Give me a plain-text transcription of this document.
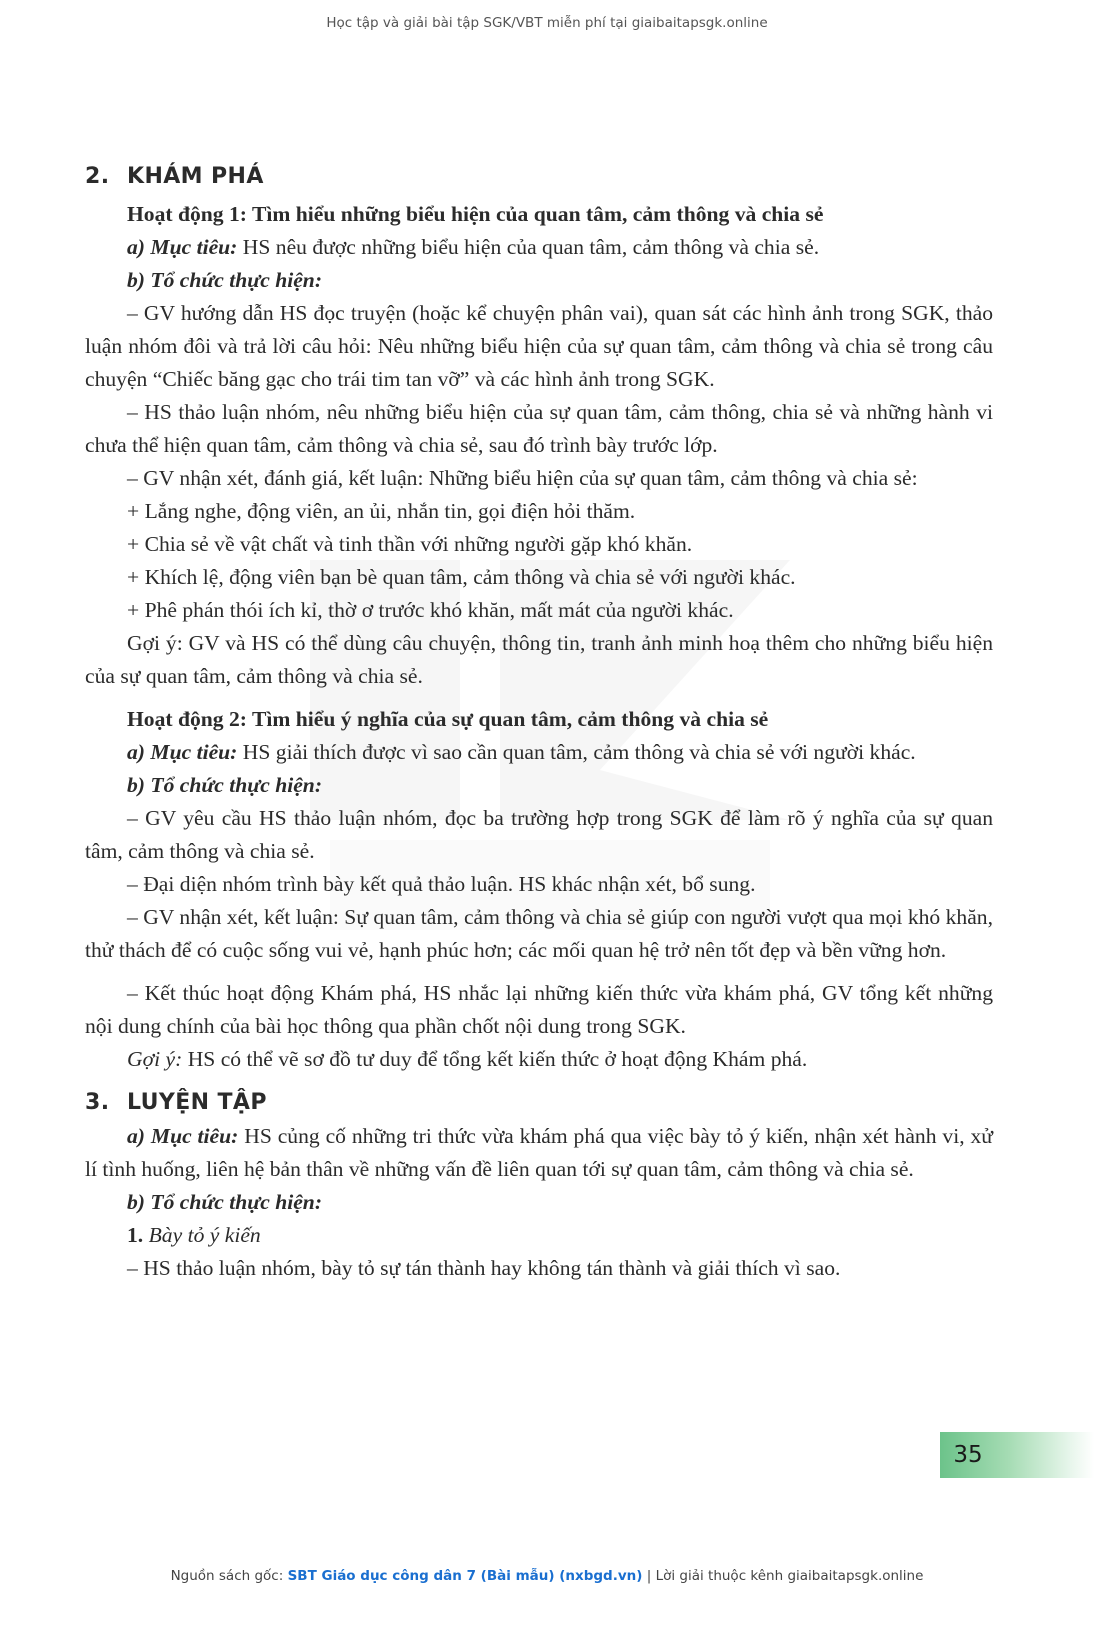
Học tập và giải bài tập SGK/VBT miễn phí tại giaibaitapsgk.online
2. KHÁM PHÁ

Hoạt động 1: Tìm hiểu những biểu hiện của quan tâm, cảm thông và chia sẻ

a) Mục tiêu: HS nêu được những biểu hiện của quan tâm, cảm thông và chia sẻ.

b) Tổ chức thực hiện:

– GV hướng dẫn HS đọc truyện (hoặc kể chuyện phân vai), quan sát các hình ảnh trong SGK, thảo luận nhóm đôi và trả lời câu hỏi: Nêu những biểu hiện của sự quan tâm, cảm thông và chia sẻ trong câu chuyện “Chiếc băng gạc cho trái tim tan vỡ” và các hình ảnh trong SGK.

– HS thảo luận nhóm, nêu những biểu hiện của sự quan tâm, cảm thông, chia sẻ và những hành vi chưa thể hiện quan tâm, cảm thông và chia sẻ, sau đó trình bày trước lớp.

– GV nhận xét, đánh giá, kết luận: Những biểu hiện của sự quan tâm, cảm thông và chia sẻ:

+ Lắng nghe, động viên, an ủi, nhắn tin, gọi điện hỏi thăm.

+ Chia sẻ về vật chất và tinh thần với những người gặp khó khăn.

+ Khích lệ, động viên bạn bè quan tâm, cảm thông và chia sẻ với người khác.

+ Phê phán thói ích kỉ, thờ ơ trước khó khăn, mất mát của người khác.

Gợi ý: GV và HS có thể dùng câu chuyện, thông tin, tranh ảnh minh hoạ thêm cho những biểu hiện của sự quan tâm, cảm thông và chia sẻ.

Hoạt động 2: Tìm hiểu ý nghĩa của sự quan tâm, cảm thông và chia sẻ

a) Mục tiêu: HS giải thích được vì sao cần quan tâm, cảm thông và chia sẻ với người khác.

b) Tổ chức thực hiện:

– GV yêu cầu HS thảo luận nhóm, đọc ba trường hợp trong SGK để làm rõ ý nghĩa của sự quan tâm, cảm thông và chia sẻ.

– Đại diện nhóm trình bày kết quả thảo luận. HS khác nhận xét, bổ sung.

– GV nhận xét, kết luận: Sự quan tâm, cảm thông và chia sẻ giúp con người vượt qua mọi khó khăn, thử thách để có cuộc sống vui vẻ, hạnh phúc hơn; các mối quan hệ trở nên tốt đẹp và bền vững hơn.

– Kết thúc hoạt động Khám phá, HS nhắc lại những kiến thức vừa khám phá, GV tổng kết những nội dung chính của bài học thông qua phần chốt nội dung trong SGK.

Gợi ý: HS có thể vẽ sơ đồ tư duy để tổng kết kiến thức ở hoạt động Khám phá.

3. LUYỆN TẬP

a) Mục tiêu: HS củng cố những tri thức vừa khám phá qua việc bày tỏ ý kiến, nhận xét hành vi, xử lí tình huống, liên hệ bản thân về những vấn đề liên quan tới sự quan tâm, cảm thông và chia sẻ.

b) Tổ chức thực hiện:

1. Bày tỏ ý kiến

– HS thảo luận nhóm, bày tỏ sự tán thành hay không tán thành và giải thích vì sao.

35
Nguồn sách gốc: SBT Giáo dục công dân 7 (Bài mẫu) (nxbgd.vn) | Lời giải thuộc kênh giaibaitapsgk.online
